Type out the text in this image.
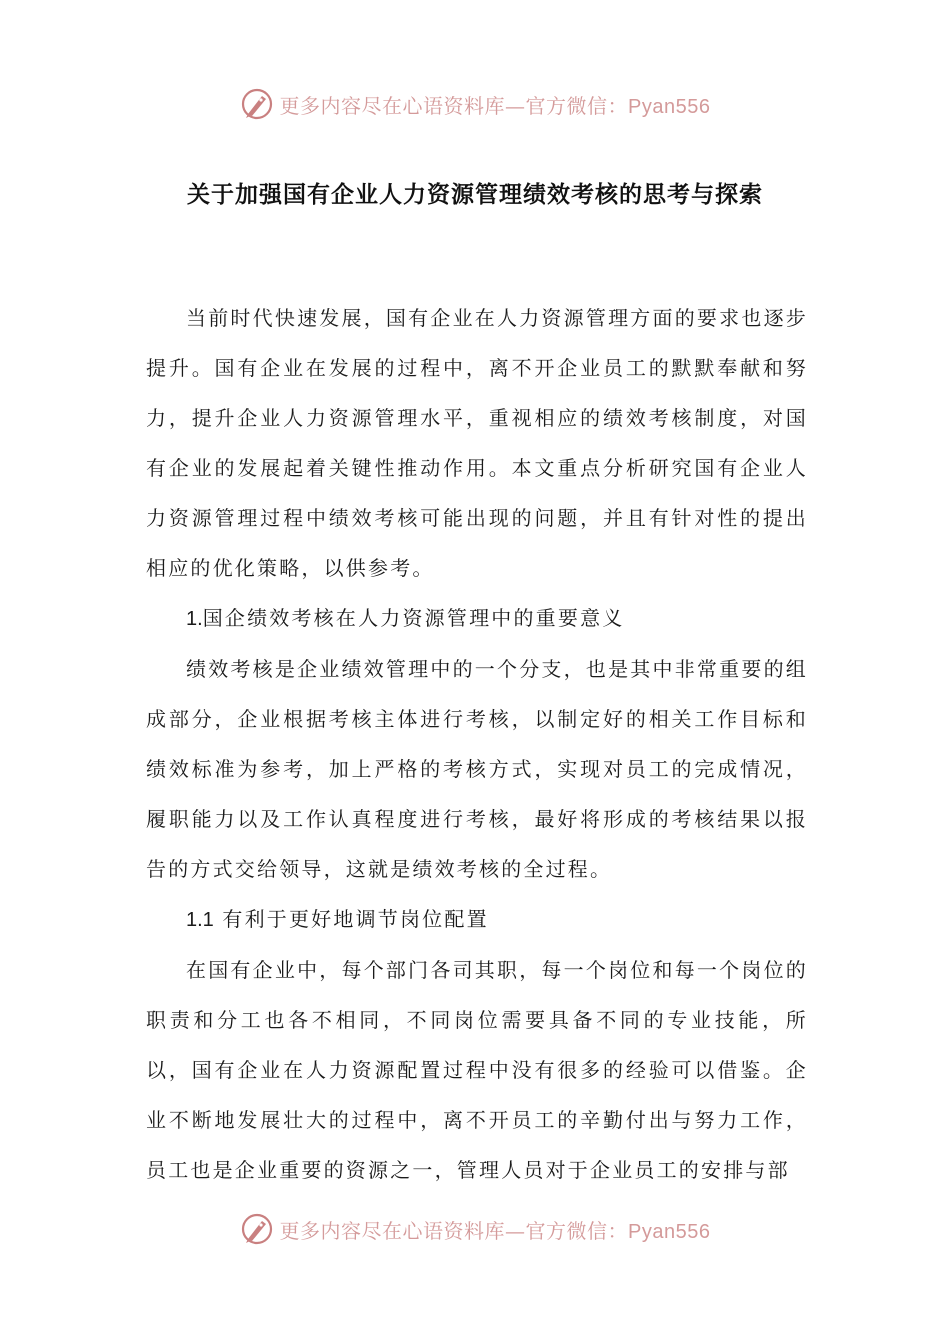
更多内容尽在心语资料库—官方微信：Pyan556
关于加强国有企业人力资源管理绩效考核的思考与探索

当前时代快速发展，国有企业在人力资源管理方面的要求也逐步提升。国有企业在发展的过程中，离不开企业员工的默默奉献和努力，提升企业人力资源管理水平，重视相应的绩效考核制度，对国有企业的发展起着关键性推动作用。本文重点分析研究国有企业人力资源管理过程中绩效考核可能出现的问题，并且有针对性的提出相应的优化策略，以供参考。

1.国企绩效考核在人力资源管理中的重要意义

绩效考核是企业绩效管理中的一个分支，也是其中非常重要的组成部分，企业根据考核主体进行考核，以制定好的相关工作目标和绩效标准为参考，加上严格的考核方式，实现对员工的完成情况，履职能力以及工作认真程度进行考核，最好将形成的考核结果以报告的方式交给领导，这就是绩效考核的全过程。

1.1 有利于更好地调节岗位配置

在国有企业中，每个部门各司其职，每一个岗位和每一个岗位的职责和分工也各不相同，不同岗位需要具备不同的专业技能，所以，国有企业在人力资源配置过程中没有很多的经验可以借鉴。企业不断地发展壮大的过程中，离不开员工的辛勤付出与努力工作，员工也是企业重要的资源之一，管理人员对于企业员工的安排与部

更多内容尽在心语资料库—官方微信：Pyan556
